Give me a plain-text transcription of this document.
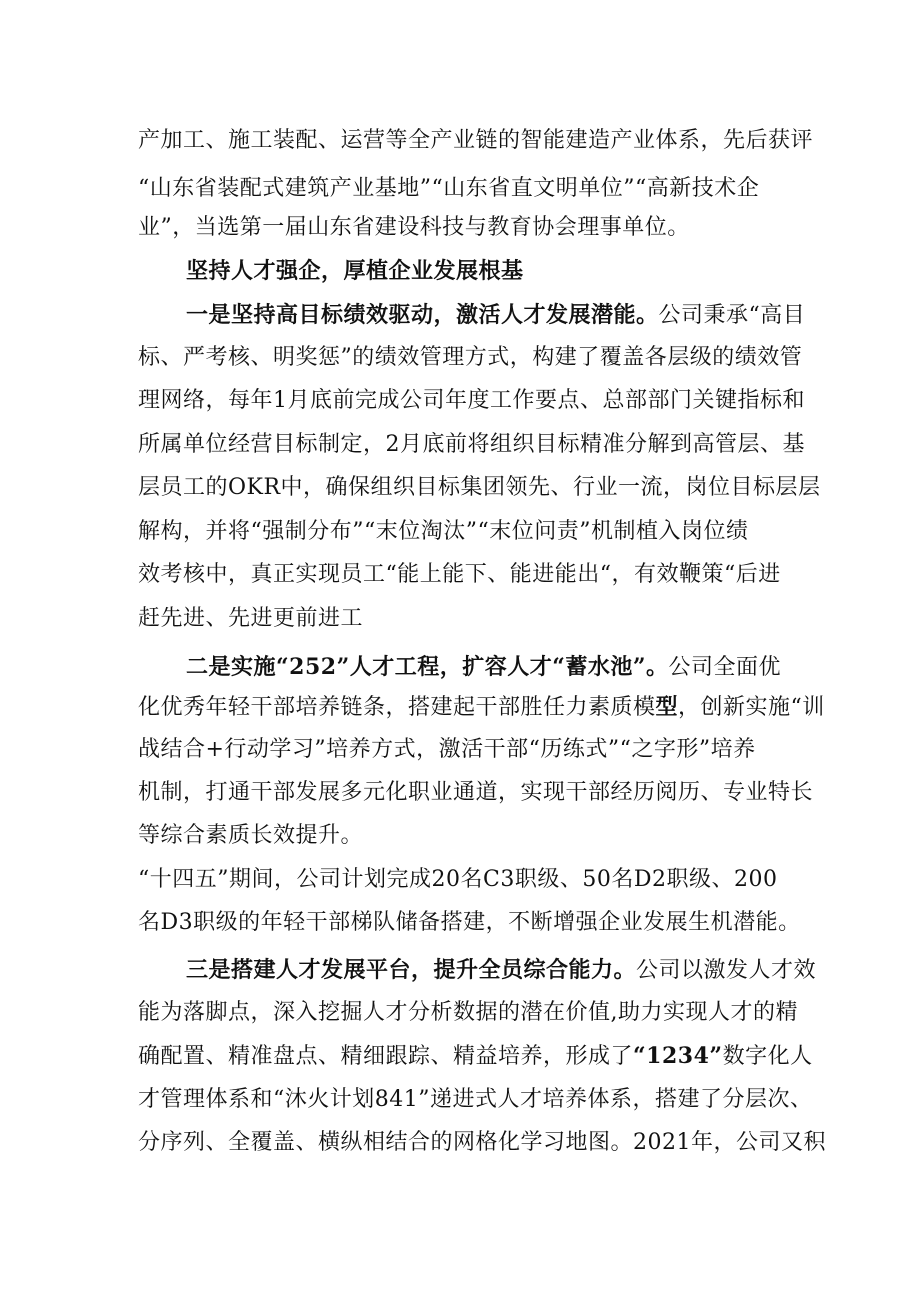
产加工、施工装配、运营等全产业链的智能建造产业体系，先后获评
“山东省装配式建筑产业基地”“山东省直文明单位”“高新技术企
业”，当选第一届山东省建设科技与教育协会理事单位。
坚持人才强企，厚植企业发展根基
一是坚持高目标绩效驱动，激活人才发展潜能。公司秉承“高目
标、严考核、明奖惩”的绩效管理方式，构建了覆盖各层级的绩效管
理网络，每年1月底前完成公司年度工作要点、总部部门关键指标和
所属单位经营目标制定，2月底前将组织目标精准分解到高管层、基
层员工的OKR中，确保组织目标集团领先、行业一流，岗位目标层层
解构，并将“强制分布”“末位淘汰”“末位问责”机制植入岗位绩
效考核中，真正实现员工“能上能下、能进能出“，有效鞭策“后进
赶先进、先进更前进工
二是实施“252”人才工程，扩容人才“蓄水池”。公司全面优
化优秀年轻干部培养链条，搭建起干部胜任力素质模型，创新实施“训
战结合+行动学习”培养方式，激活干部“历练式”“之字形”培养
机制，打通干部发展多元化职业通道，实现干部经历阅历、专业特长
等综合素质长效提升。
“十四五”期间，公司计划完成20名C3职级、50名D2职级、200
名D3职级的年轻干部梯队储备搭建，不断增强企业发展生机潜能。
三是搭建人才发展平台，提升全员综合能力。公司以激发人才效
能为落脚点，深入挖掘人才分析数据的潜在价值,助力实现人才的精
确配置、精准盘点、精细跟踪、精益培养，形成了“1234”数字化人
才管理体系和“沐火计划841”递进式人才培养体系，搭建了分层次、
分序列、全覆盖、横纵相结合的网格化学习地图。2021年，公司又积
